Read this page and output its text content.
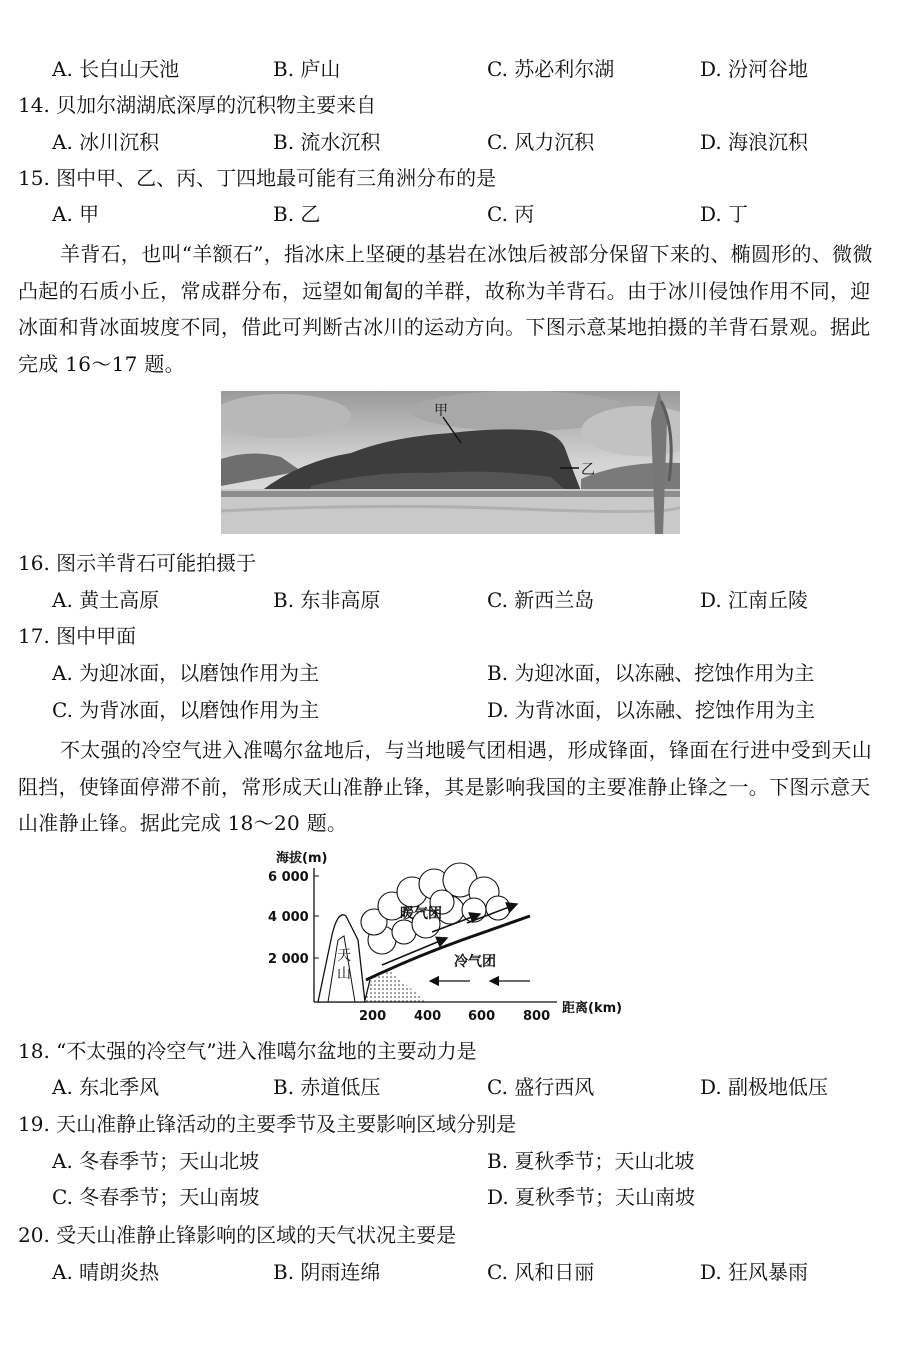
A. 长白山天池	B. 庐山	C. 苏必利尔湖	D. 汾河谷地
14. 贝加尔湖湖底深厚的沉积物主要来自
A. 冰川沉积	B. 流水沉积	C. 风力沉积	D. 海浪沉积
15. 图中甲、乙、丙、丁四地最可能有三角洲分布的是
A. 甲	B. 乙	C. 丙	D. 丁
羊背石，也叫“羊额石”，指冰床上坚硬的基岩在冰蚀后被部分保留下来的、椭圆形的、微微凸起的石质小丘，常成群分布，远望如匍匐的羊群，故称为羊背石。由于冰川侵蚀作用不同，迎冰面和背冰面坡度不同，借此可判断古冰川的运动方向。下图示意某地拍摄的羊背石景观。据此完成 16～17 题。
甲
乙
16. 图示羊背石可能拍摄于
A. 黄土高原	B. 东非高原	C. 新西兰岛	D. 江南丘陵
17. 图中甲面
A. 为迎冰面，以磨蚀作用为主	B. 为迎冰面，以冻融、挖蚀作用为主
C. 为背冰面，以磨蚀作用为主	D. 为背冰面，以冻融、挖蚀作用为主
不太强的冷空气进入准噶尔盆地后，与当地暖气团相遇，形成锋面，锋面在行进中受到天山阻挡，使锋面停滞不前，常形成天山准静止锋，其是影响我国的主要准静止锋之一。下图示意天山准静止锋。据此完成 18～20 题。
海拔(m)
6 000
4 000
2 000
200 400 600 800
距离(km)
天
山
暖气团
冷气团
18. “不太强的冷空气”进入准噶尔盆地的主要动力是
A. 东北季风	B. 赤道低压	C. 盛行西风	D. 副极地低压
19. 天山准静止锋活动的主要季节及主要影响区域分别是
A. 冬春季节；天山北坡	B. 夏秋季节；天山北坡
C. 冬春季节；天山南坡	D. 夏秋季节；天山南坡
20. 受天山准静止锋影响的区域的天气状况主要是
A. 晴朗炎热	B. 阴雨连绵	C. 风和日丽	D. 狂风暴雨
